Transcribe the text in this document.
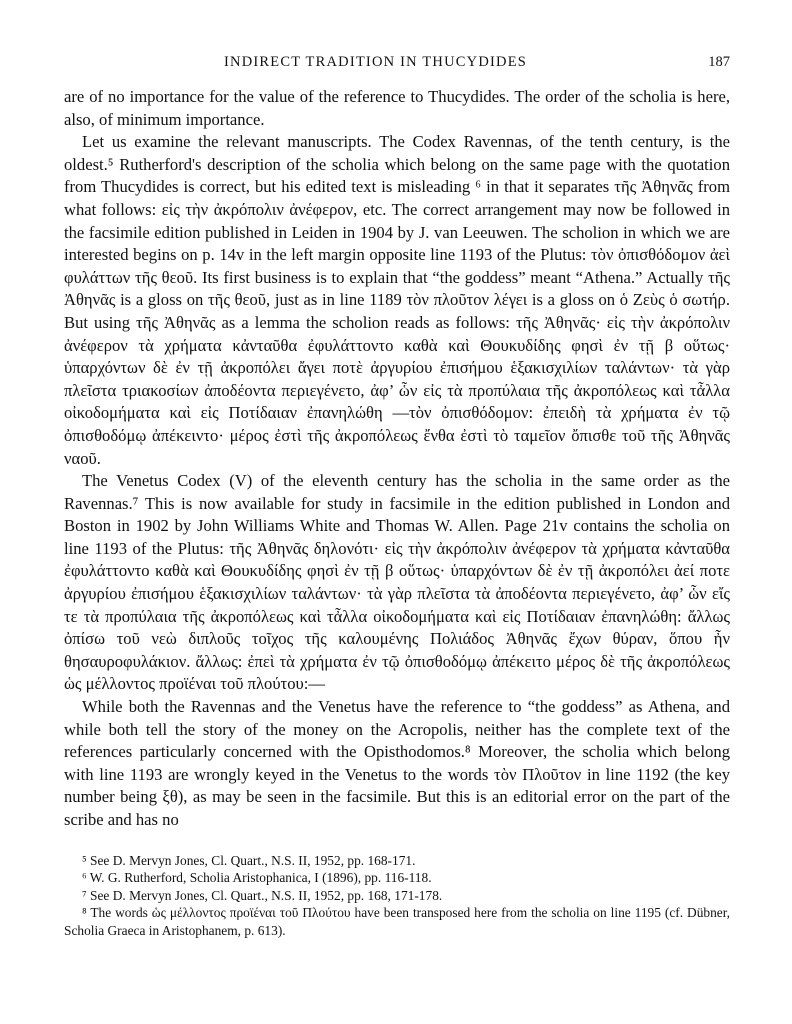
INDIRECT TRADITION IN THUCYDIDES	187

are of no importance for the value of the reference to Thucydides. The order of the scholia is here, also, of minimum importance.

Let us examine the relevant manuscripts. The Codex Ravennas, of the tenth century, is the oldest.⁵ Rutherford's description of the scholia which belong on the same page with the quotation from Thucydides is correct, but his edited text is misleading ⁶ in that it separates τῆς Ἀθηνᾶς from what follows: εἰς τὴν ἀκρόπολιν ἀνέφερον, etc. The correct arrangement may now be followed in the facsimile edition published in Leiden in 1904 by J. van Leeuwen. The scholion in which we are interested begins on p. 14v in the left margin opposite line 1193 of the Plutus: τὸν ὀπισθόδομον ἀεὶ φυλάττων τῆς θεοῦ. Its first business is to explain that “the goddess” meant “Athena.” Actually τῆς Ἀθηνᾶς is a gloss on τῆς θεοῦ, just as in line 1189 τὸν πλοῦτον λέγει is a gloss on ὁ Ζεὺς ὁ σωτήρ. But using τῆς Ἀθηνᾶς as a lemma the scholion reads as follows: τῆς Ἀθηνᾶς· εἰς τὴν ἀκρόπολιν ἀνέφερον τὰ χρήματα κἀνταῦθα ἐφυλάττοντο καθὰ καὶ Θουκυδίδης φησὶ ἐν τῇ β οὕτως· ὑπαρχόντων δὲ ἐν τῇ ἀκροπόλει ἄγει ποτὲ ἀργυρίου ἐπισήμου ἑξακισχιλίων ταλάντων· τὰ γὰρ πλεῖστα τριακοσίων ἀποδέοντα περιεγένετο, ἀφ’ ὧν εἰς τὰ προπύλαια τῆς ἀκροπόλεως καὶ τἆλλα οἰκοδομήματα καὶ εἰς Ποτίδαιαν ἐπανηλώθη —τὸν ὀπισθόδομον: ἐπειδὴ τὰ χρήματα ἐν τῷ ὀπισθοδόμῳ ἀπέκειντο· μέρος ἐστὶ τῆς ἀκροπόλεως ἔνθα ἐστὶ τὸ ταμεῖον ὄπισθε τοῦ τῆς Ἀθηνᾶς ναοῦ.

The Venetus Codex (V) of the eleventh century has the scholia in the same order as the Ravennas.⁷ This is now available for study in facsimile in the edition published in London and Boston in 1902 by John Williams White and Thomas W. Allen. Page 21v contains the scholia on line 1193 of the Plutus: τῆς Ἀθηνᾶς δηλονότι· εἰς τὴν ἀκρόπολιν ἀνέφερον τὰ χρήματα κἀνταῦθα ἐφυλάττοντο καθὰ καὶ Θουκυδίδης φησὶ ἐν τῇ β οὕτως· ὑπαρχόντων δὲ ἐν τῇ ἀκροπόλει ἀεί ποτε ἀργυρίου ἐπισήμου ἑξακισχιλίων ταλάντων· τὰ γὰρ πλεῖστα τὰ ἀποδέοντα περιεγένετο, ἀφ’ ὧν εἴς τε τὰ προπύλαια τῆς ἀκροπόλεως καὶ τἆλλα οἰκοδομήματα καὶ εἰς Ποτίδαιαν ἐπανηλώθη: ἄλλως ὀπίσω τοῦ νεὼ διπλοῦς τοῖχος τῆς καλουμένης Πολιάδος Ἀθηνᾶς ἔχων θύραν, ὅπου ἦν θησαυροφυλάκιον. ἄλλως: ἐπεὶ τὰ χρήματα ἐν τῷ ὀπισθοδόμῳ ἀπέκειτο μέρος δὲ τῆς ἀκροπόλεως ὡς μέλλοντος προϊέναι τοῦ πλούτου:—

While both the Ravennas and the Venetus have the reference to “the goddess” as Athena, and while both tell the story of the money on the Acropolis, neither has the complete text of the references particularly concerned with the Opisthodomos.⁸ Moreover, the scholia which belong with line 1193 are wrongly keyed in the Venetus to the words τὸν Πλοῦτον in line 1192 (the key number being ξθ), as may be seen in the facsimile. But this is an editorial error on the part of the scribe and has no

⁵ See D. Mervyn Jones, Cl. Quart., N.S. II, 1952, pp. 168-171.

⁶ W. G. Rutherford, Scholia Aristophanica, I (1896), pp. 116-118.

⁷ See D. Mervyn Jones, Cl. Quart., N.S. II, 1952, pp. 168, 171-178.

⁸ The words ὡς μέλλοντος προϊέναι τοῦ Πλούτου have been transposed here from the scholia on line 1195 (cf. Dübner, Scholia Graeca in Aristophanem, p. 613).
